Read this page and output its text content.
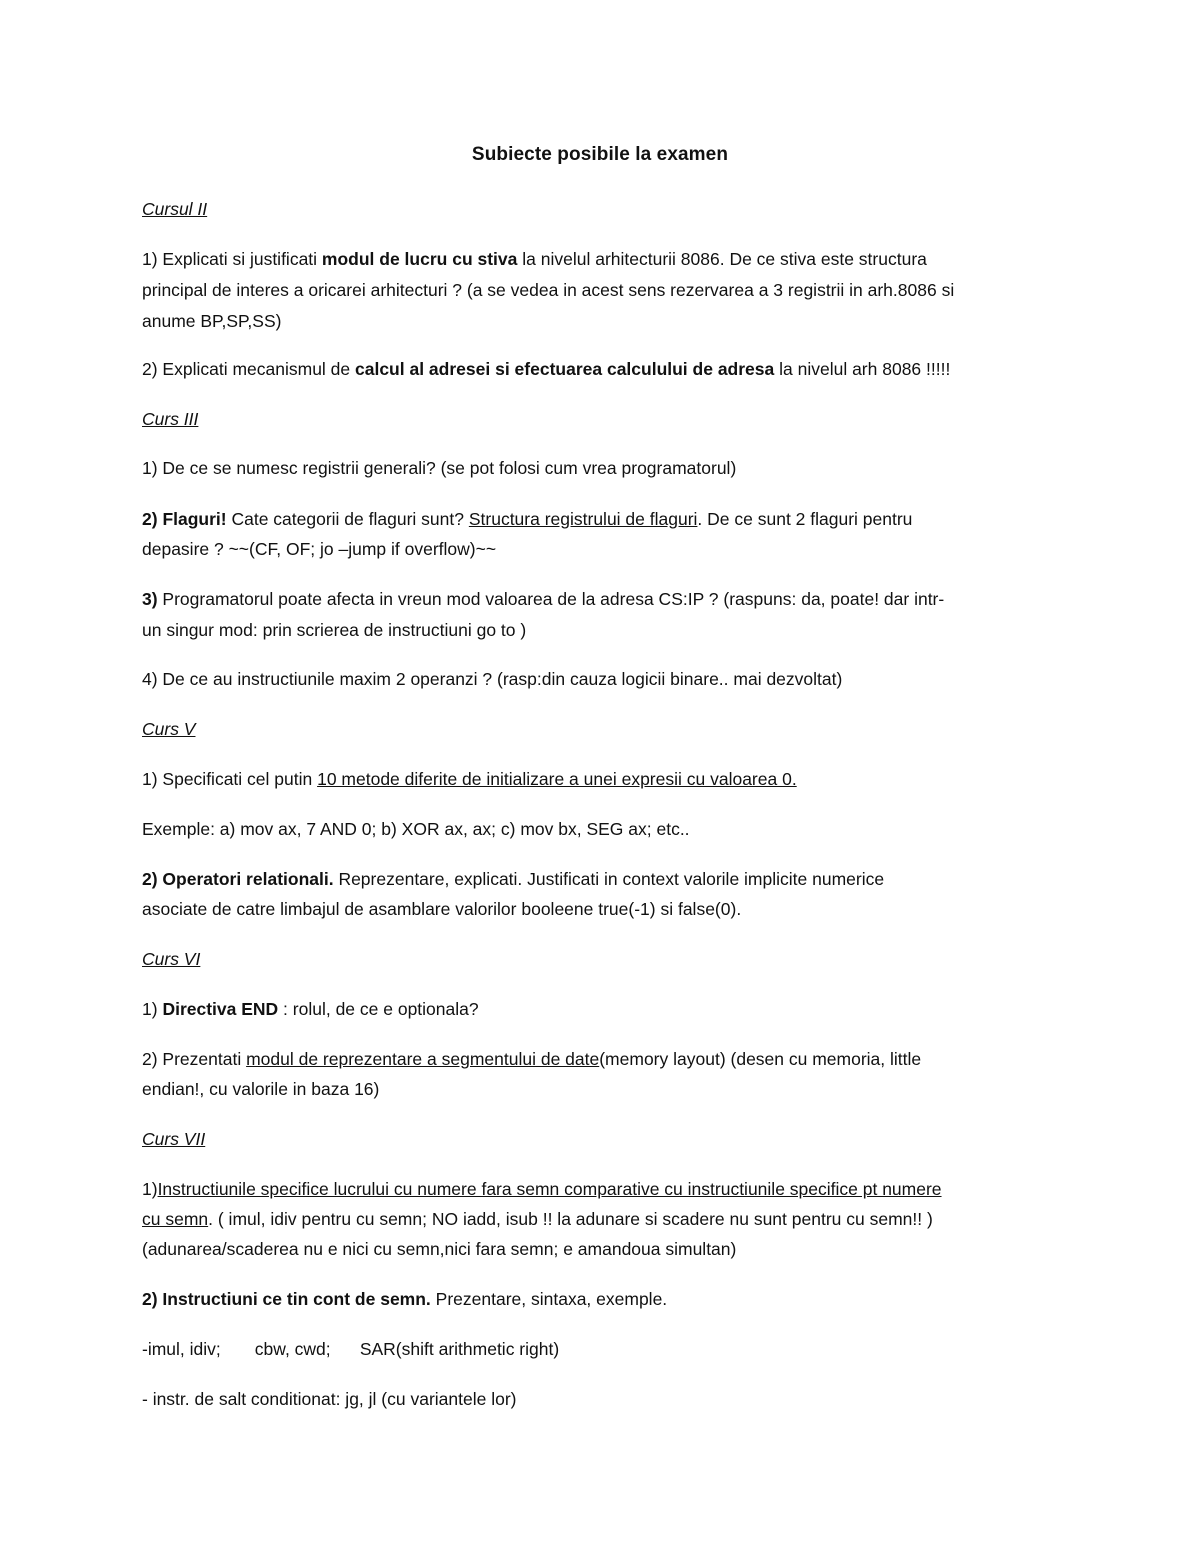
Subiecte posibile la examen
Cursul II
1) Explicati si justificati modul de lucru cu stiva la nivelul arhitecturii 8086. De ce stiva este structura
principal de interes a oricarei arhitecturi ? (a se vedea in acest sens rezervarea a 3 registrii in arh.8086 si
anume BP,SP,SS)
2) Explicati mecanismul de calcul al adresei si efectuarea calculului de adresa la nivelul arh 8086 !!!!!
Curs III
1) De ce se numesc registrii generali? (se pot folosi cum vrea programatorul)
2) Flaguri! Cate categorii de flaguri sunt? Structura registrului de flaguri. De ce sunt 2 flaguri pentru
depasire ? ~~(CF, OF; jo –jump if overflow)~~
3) Programatorul poate afecta in vreun mod valoarea de la adresa CS:IP ? (raspuns: da, poate! dar intr-
un singur mod: prin scrierea de instructiuni go to )
4) De ce au instructiunile maxim 2 operanzi ? (rasp:din cauza logicii binare.. mai dezvoltat)
Curs V
1) Specificati cel putin 10 metode diferite de initializare a unei expresii cu valoarea 0.
Exemple: a) mov ax, 7 AND 0; b) XOR ax, ax; c) mov bx, SEG ax; etc..
2) Operatori relationali. Reprezentare, explicati. Justificati in context valorile implicite numerice
asociate de catre limbajul de asamblare valorilor booleene true(-1) si false(0).
Curs VI
1) Directiva END : rolul, de ce e optionala?
2) Prezentati modul de reprezentare a segmentului de date(memory layout) (desen cu memoria, little
endian!, cu valorile in baza 16)
Curs VII
1)Instructiunile specifice lucrului cu numere fara semn comparative cu instructiunile specifice pt numere
cu semn. ( imul, idiv pentru cu semn; NO iadd, isub !! la adunare si scadere nu sunt pentru cu semn!! )
(adunarea/scaderea nu e nici cu semn,nici fara semn; e amandoua simultan)
2) Instructiuni ce tin cont de semn. Prezentare, sintaxa, exemple.
-imul, idiv;       cbw, cwd;      SAR(shift arithmetic right)
- instr. de salt conditionat: jg, jl (cu variantele lor)
